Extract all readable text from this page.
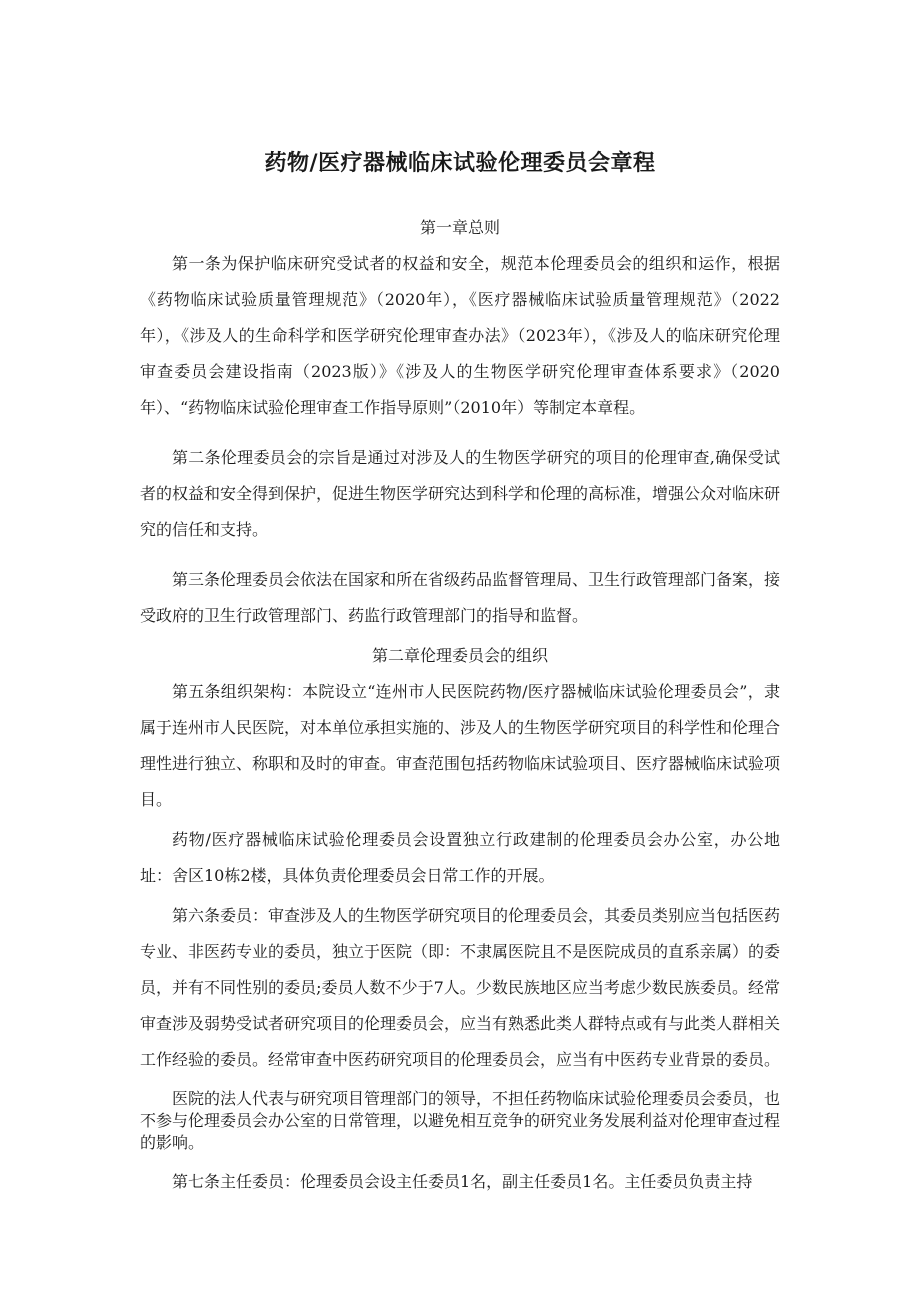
药物/医疗器械临床试验伦理委员会章程

第一章总则

第一条为保护临床研究受试者的权益和安全，规范本伦理委员会的组织和运作，根据《药物临床试验质量管理规范》（2020年），《医疗器械临床试验质量管理规范》（2022年），《涉及人的生命科学和医学研究伦理审查办法》（2023年），《涉及人的临床研究伦理审查委员会建设指南（2023版）》《涉及人的生物医学研究伦理审查体系要求》（2020年）、“药物临床试验伦理审查工作指导原则”（2010年）等制定本章程。

第二条伦理委员会的宗旨是通过对涉及人的生物医学研究的项目的伦理审查,确保受试者的权益和安全得到保护，促进生物医学研究达到科学和伦理的高标准，增强公众对临床研究的信任和支持。

第三条伦理委员会依法在国家和所在省级药品监督管理局、卫生行政管理部门备案，接受政府的卫生行政管理部门、药监行政管理部门的指导和监督。

第二章伦理委员会的组织

第五条组织架构：本院设立“连州市人民医院药物/医疗器械临床试验伦理委员会”，隶属于连州市人民医院，对本单位承担实施的、涉及人的生物医学研究项目的科学性和伦理合理性进行独立、称职和及时的审查。审查范围包括药物临床试验项目、医疗器械临床试验项目。

药物/医疗器械临床试验伦理委员会设置独立行政建制的伦理委员会办公室，办公地址：舍区10栋2楼，具体负责伦理委员会日常工作的开展。

第六条委员：审查涉及人的生物医学研究项目的伦理委员会，其委员类别应当包括医药专业、非医药专业的委员，独立于医院（即：不隶属医院且不是医院成员的直系亲属）的委员，并有不同性别的委员;委员人数不少于7人。少数民族地区应当考虑少数民族委员。经常审查涉及弱势受试者研究项目的伦理委员会，应当有熟悉此类人群特点或有与此类人群相关工作经验的委员。经常审查中医药研究项目的伦理委员会，应当有中医药专业背景的委员。

医院的法人代表与研究项目管理部门的领导，不担任药物临床试验伦理委员会委员，也不参与伦理委员会办公室的日常管理，以避免相互竞争的研究业务发展利益对伦理审查过程的影响。

第七条主任委员：伦理委员会设主任委员1名，副主任委员1名。主任委员负责主持
